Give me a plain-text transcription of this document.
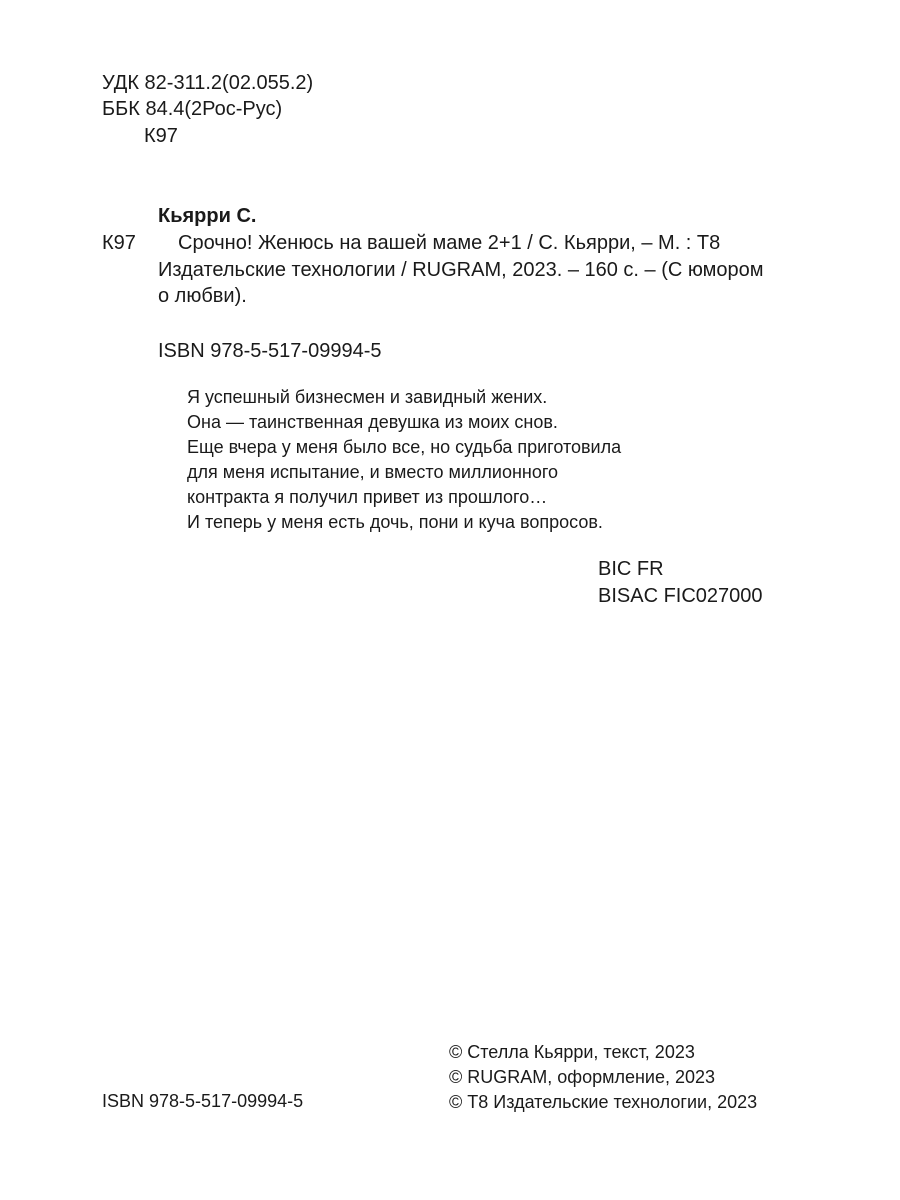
УДК 82-311.2(02.055.2)
ББК 84.4(2Рос-Рус)
К97
Кьярри С.
К97	Срочно! Женюсь на вашей маме 2+1 / С. Кьярри, – М. : Т8 Издательские технологии / RUGRAM, 2023. – 160 с. – (С юмором о любви).
ISBN 978-5-517-09994-5
Я успешный бизнесмен и завидный жених.
Она — таинственная девушка из моих снов.
Еще вчера у меня было все, но судьба приготовила
для меня испытание, и вместо миллионного
контракта я получил привет из прошлого…
И теперь у меня есть дочь, пони и куча вопросов.
BIC FR
BISAC FIC027000
ISBN 978-5-517-09994-5
© Стелла Кьярри, текст, 2023
© RUGRAM, оформление, 2023
© Т8 Издательские технологии, 2023
